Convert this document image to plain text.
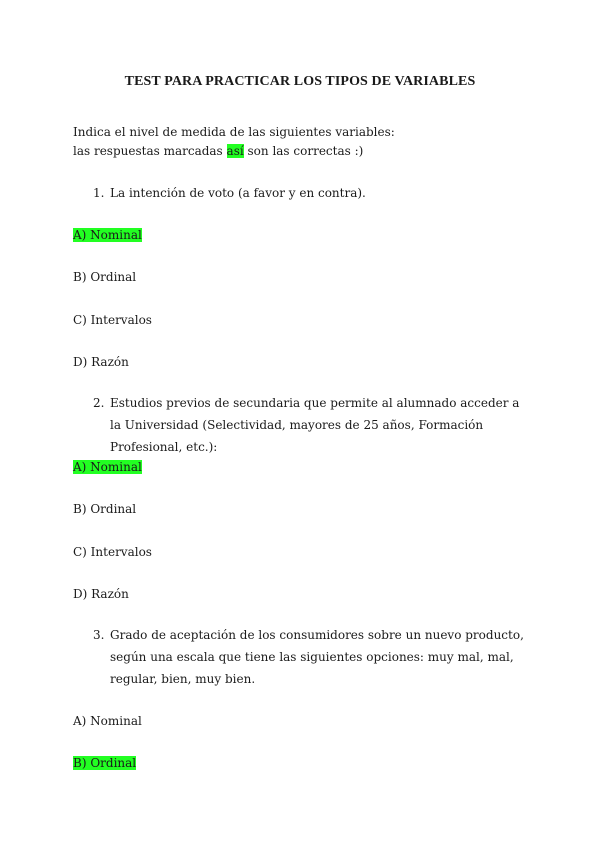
TEST PARA PRACTICAR LOS TIPOS DE VARIABLES
Indica el nivel de medida de las siguientes variables:
las respuestas marcadas así son las correctas :)
1. La intención de voto (a favor y en contra).
A) Nominal
B) Ordinal
C) Intervalos
D) Razón
2. Estudios previos de secundaria que permite al alumnado acceder a la Universidad (Selectividad, mayores de 25 años, Formación Profesional, etc.):
A) Nominal
B) Ordinal
C) Intervalos
D) Razón
3. Grado de aceptación de los consumidores sobre un nuevo producto, según una escala que tiene las siguientes opciones: muy mal, mal, regular, bien, muy bien.
A) Nominal
B) Ordinal
